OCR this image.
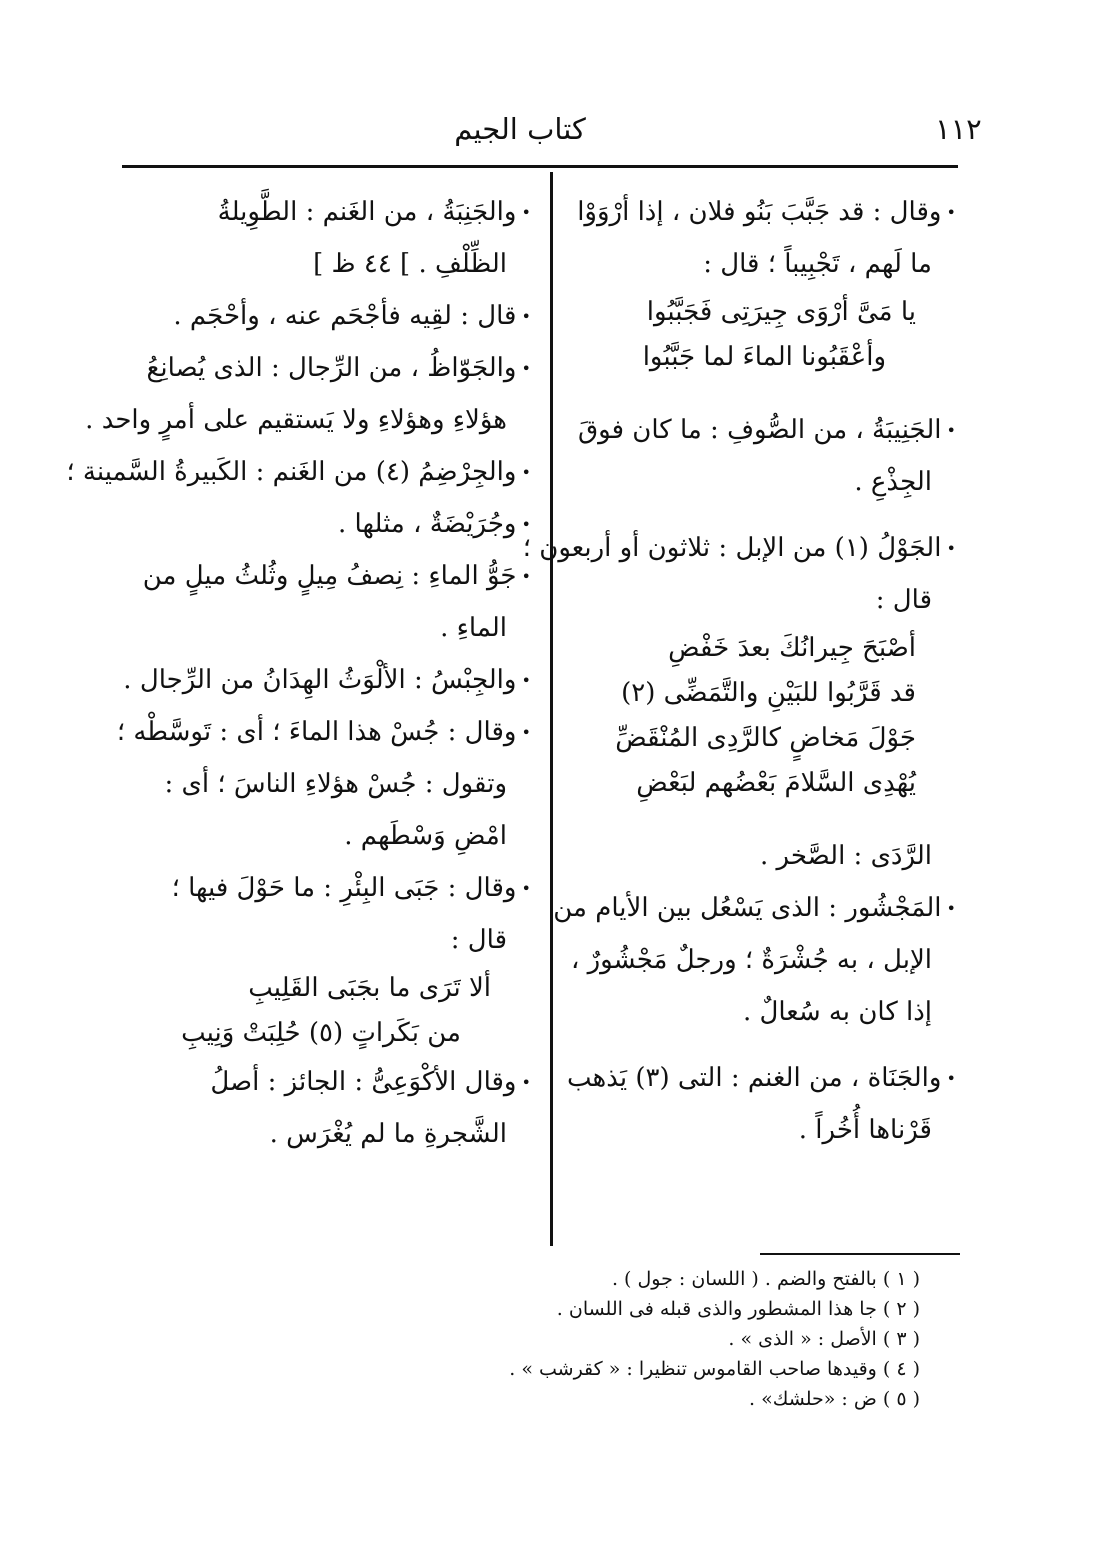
١١٢
كتاب الجيم
• وقال : قد جَبَّبَ بَنُو فلان ، إذا أرْوَوْا
ما لَهم ، تَجْبِيباً ؛ قال :
يا مَىَّ أرْوَى جِيرَتِى فَجَبَّبُوا
وأعْقَبُونا الماءَ لما جَبَّبُوا
• الجَنِيبَةُ ، من الصُّوفِ : ما كان فوقَ
الجِذْعِ .
• الجَوْلُ (١) من الإبل : ثلاثون أو أربعون ؛
قال :
أصْبَحَ جِيرانُكَ بعدَ خَفْضِ
قد قَرَّبُوا للبَيْنِ والتَّمَضِّى (٢)
جَوْلَ مَخاضٍ كالرَّدِى المُنْقَضِّ
يُهْدِى السَّلامَ بَعْضُهم لبَعْضِ
الرَّدَى : الصَّخر .
• المَجْشُور : الذى يَسْعُل بين الأيام من
الإبل ، به جُشْرَةٌ ؛ ورجلٌ مَجْشُورٌ ،
إذا كان به سُعالٌ .
• والجَنَاة ، من الغنم : التى (٣) يَذهب
قَرْناها أُخُراً .
• والجَنِبَةُ ، من الغَنم : الطَّوِيلةُ
الظِّلْفِ . ] ٤٤ ظ ]
• قال : لقِيه فأجْحَم عنه ، وأحْجَم .
• والجَوّاظُ ، من الرِّجال : الذى يُصانِعُ
هؤلاءِ وهؤلاءِ ولا يَستقيم على أمرٍ واحد .
• والجِرْضِمُ (٤) من الغَنم : الكَبيرةُ السَّمينة ؛
• وجُرَيْضَةٌ ، مثلها .
• جَوُّ الماءِ : نِصفُ مِيلٍ وثُلثُ ميلٍ من
الماءِ .
• والجِبْسُ : الألْوَثُ الهِدَانُ من الرِّجال .
• وقال : جُسْ هذا الماءَ ؛ أى : تَوسَّطْه ؛
وتقول : جُسْ هؤلاءِ الناسَ ؛ أى :
امْضِ وَسْطَهم .
• وقال : جَبَى البِئْرِ : ما حَوْلَ فيها ؛
قال :
ألا تَرَى ما بجَبَى القَلِيبِ
من بَكَراتٍ (٥) حُلِبَتْ وَنِيبِ
• وقال الأكْوَعِىُّ : الجائز : أصلُ
الشَّجرةِ ما لم يُغْرَس .
( ١ ) بالفتح والضم . ( اللسان : جول ) .
( ٢ ) جا هذا المشطور والذى قبله فى اللسان .
( ٣ ) الأصل : « الذى » .
( ٤ ) وقيدها صاحب القاموس تنظيرا : « كقرشب » .
( ٥ ) ض : «حلشك» .
